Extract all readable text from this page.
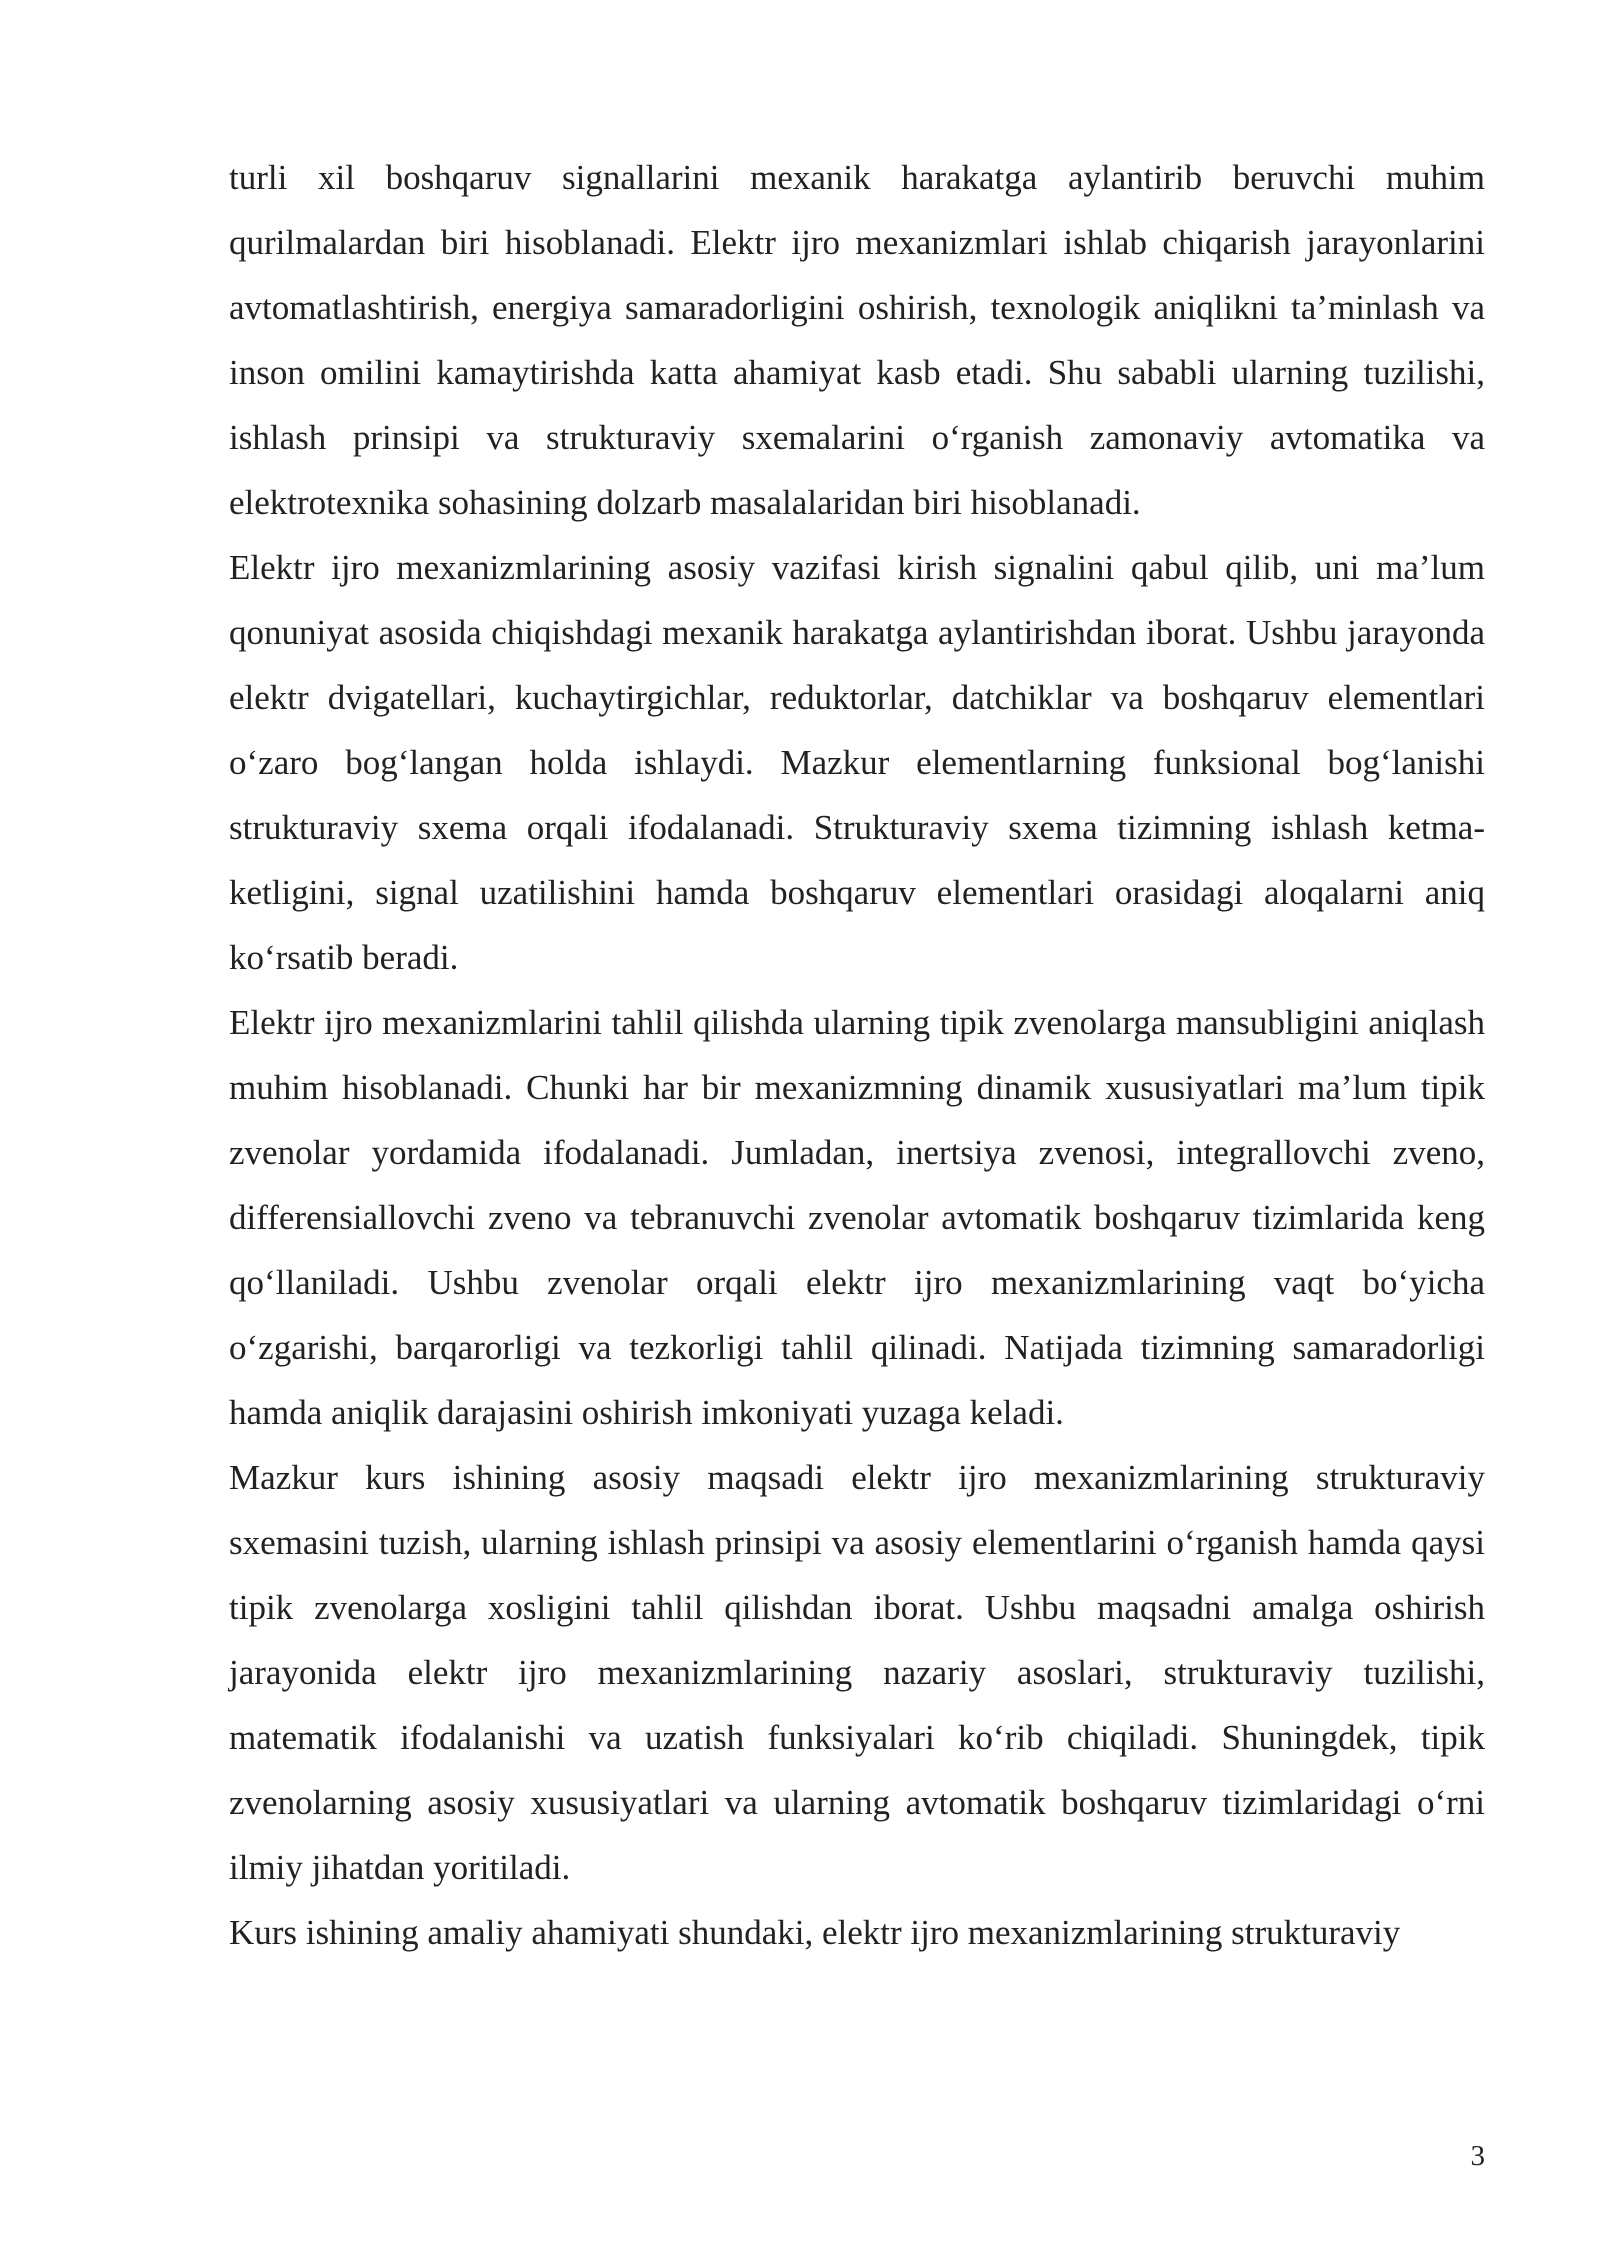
turli xil boshqaruv signallarini mexanik harakatga aylantirib beruvchi muhim qurilmalardan biri hisoblanadi. Elektr ijro mexanizmlari ishlab chiqarish jarayonlarini avtomatlashtirish, energiya samaradorligini oshirish, texnologik aniqlikni ta’minlash va inson omilini kamaytirishda katta ahamiyat kasb etadi. Shu sababli ularning tuzilishi, ishlash prinsipi va strukturaviy sxemalarini o‘rganish zamonaviy avtomatika va elektrotexnika sohasining dolzarb masalalaridan biri hisoblanadi.

Elektr ijro mexanizmlarining asosiy vazifasi kirish signalini qabul qilib, uni ma’lum qonuniyat asosida chiqishdagi mexanik harakatga aylantirishdan iborat. Ushbu jarayonda elektr dvigatellari, kuchaytirgichlar, reduktorlar, datchiklar va boshqaruv elementlari o‘zaro bog‘langan holda ishlaydi. Mazkur elementlarning funksional bog‘lanishi strukturaviy sxema orqali ifodalanadi. Strukturaviy sxema tizimning ishlash ketma-ketligini, signal uzatilishini hamda boshqaruv elementlari orasidagi aloqalarni aniq ko‘rsatib beradi.

Elektr ijro mexanizmlarini tahlil qilishda ularning tipik zvenolarga mansubligini aniqlash muhim hisoblanadi. Chunki har bir mexanizmning dinamik xususiyatlari ma’lum tipik zvenolar yordamida ifodalanadi. Jumladan, inertsiya zvenosi, integrallovchi zveno, differensiallovchi zveno va tebranuvchi zvenolar avtomatik boshqaruv tizimlarida keng qo‘llaniladi. Ushbu zvenolar orqali elektr ijro mexanizmlarining vaqt bo‘yicha o‘zgarishi, barqarorligi va tezkorligi tahlil qilinadi. Natijada tizimning samaradorligi hamda aniqlik darajasini oshirish imkoniyati yuzaga keladi.

Mazkur kurs ishining asosiy maqsadi elektr ijro mexanizmlarining strukturaviy sxemasini tuzish, ularning ishlash prinsipi va asosiy elementlarini o‘rganish hamda qaysi tipik zvenolarga xosligini tahlil qilishdan iborat. Ushbu maqsadni amalga oshirish jarayonida elektr ijro mexanizmlarining nazariy asoslari, strukturaviy tuzilishi, matematik ifodalanishi va uzatish funksiyalari ko‘rib chiqiladi. Shuningdek, tipik zvenolarning asosiy xususiyatlari va ularning avtomatik boshqaruv tizimlaridagi o‘rni ilmiy jihatdan yoritiladi.

Kurs ishining amaliy ahamiyati shundaki, elektr ijro mexanizmlarining strukturaviy

3
